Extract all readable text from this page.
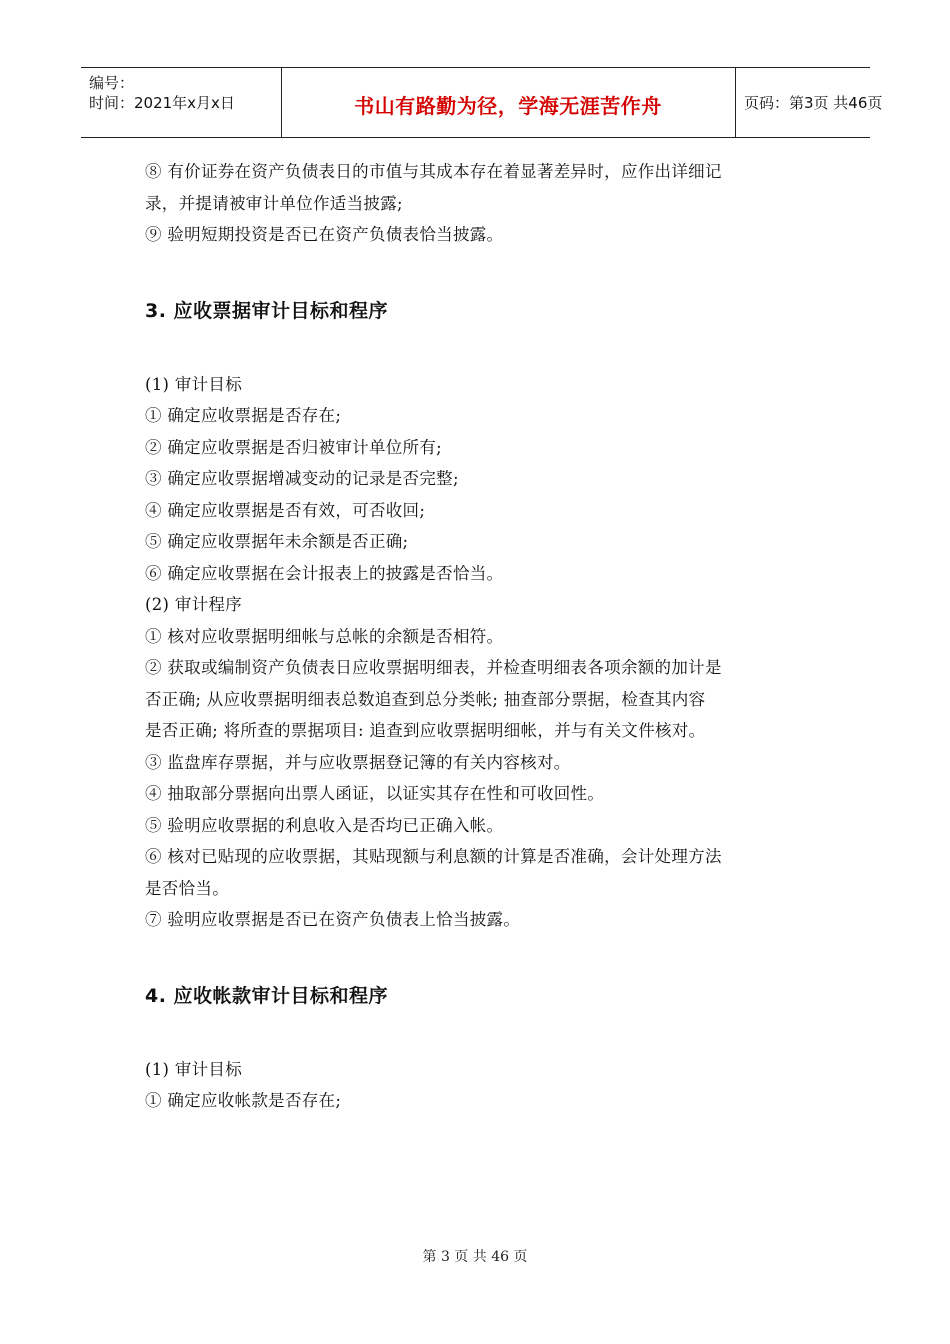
编号：
时间：2021年x月x日	书山有路勤为径，学海无涯苦作舟	页码：第3页 共46页

⑧ 有价证券在资产负债表日的市值与其成本存在着显著差异时，应作出详细记

录，并提请被审计单位作适当披露;

⑨ 验明短期投资是否已在资产负债表恰当披露。

3. 应收票据审计目标和程序

(1) 审计目标

① 确定应收票据是否存在;

② 确定应收票据是否归被审计单位所有;

③ 确定应收票据增减变动的记录是否完整;

④ 确定应收票据是否有效，可否收回;

⑤ 确定应收票据年未余额是否正确;

⑥ 确定应收票据在会计报表上的披露是否恰当。

(2) 审计程序

① 核对应收票据明细帐与总帐的余额是否相符。

② 获取或编制资产负债表日应收票据明细表，并检查明细表各项余额的加计是

否正确; 从应收票据明细表总数追查到总分类帐; 抽查部分票据，检查其内容

是否正确; 将所查的票据项目: 追查到应收票据明细帐，并与有关文件核对。

③ 监盘库存票据，并与应收票据登记簿的有关内容核对。

④ 抽取部分票据向出票人函证，以证实其存在性和可收回性。

⑤ 验明应收票据的利息收入是否均已正确入帐。

⑥ 核对已贴现的应收票据，其贴现额与利息额的计算是否准确，会计处理方法

是否恰当。

⑦ 验明应收票据是否已在资产负债表上恰当披露。

4. 应收帐款审计目标和程序

(1) 审计目标

① 确定应收帐款是否存在;

第 3 页 共 46 页
